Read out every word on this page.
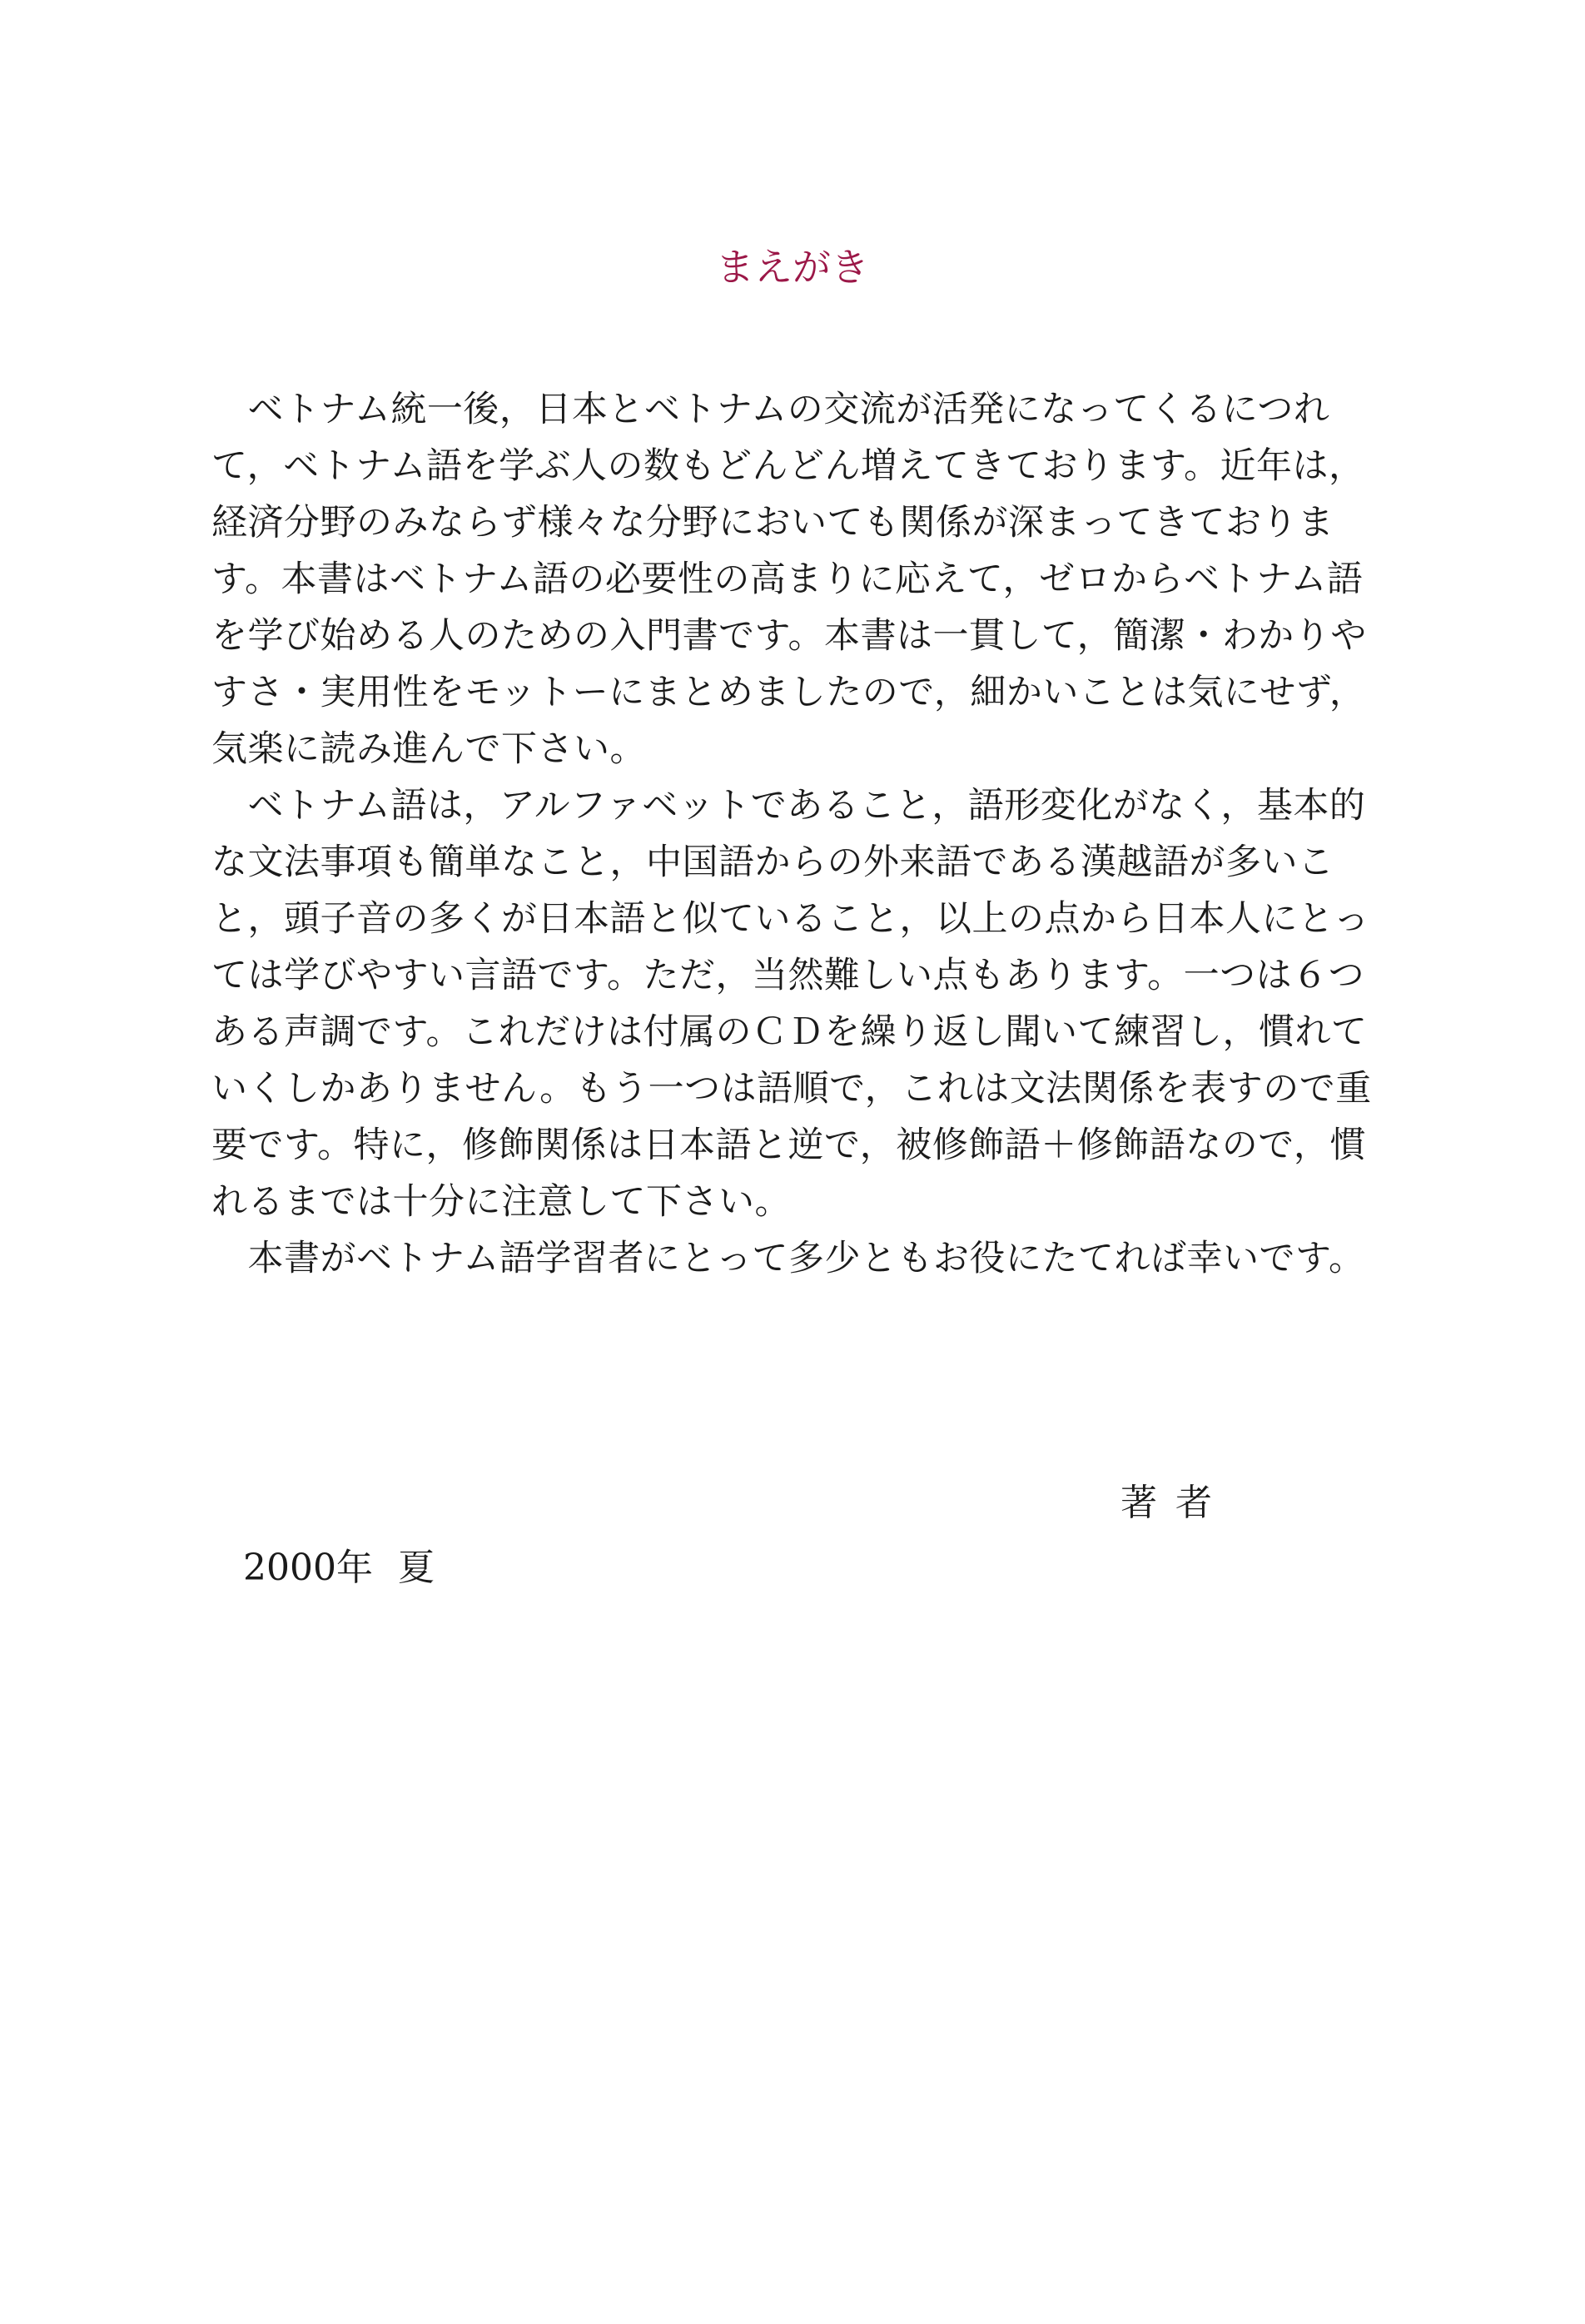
まえがき
　ベトナム統一後，日本とベトナムの交流が活発になってくるにつれ
て，ベトナム語を学ぶ人の数もどんどん増えてきております。近年は，
経済分野のみならず様々な分野においても関係が深まってきておりま
す。本書はベトナム語の必要性の高まりに応えて，ゼロからベトナム語
を学び始める人のための入門書です。本書は一貫して，簡潔・わかりや
すさ・実用性をモットーにまとめましたので，細かいことは気にせず，
気楽に読み進んで下さい。
　ベトナム語は，アルファベットであること，語形変化がなく，基本的
な文法事項も簡単なこと，中国語からの外来語である漢越語が多いこ
と，頭子音の多くが日本語と似ていること，以上の点から日本人にとっ
ては学びやすい言語です。ただ，当然難しい点もあります。一つは６つ
ある声調です。これだけは付属のＣＤを繰り返し聞いて練習し，慣れて
いくしかありません。もう一つは語順で，これは文法関係を表すので重
要です。特に，修飾関係は日本語と逆で，被修飾語＋修飾語なので，慣
れるまでは十分に注意して下さい。
　本書がベトナム語学習者にとって多少ともお役にたてれば幸いです。
著者
2000年 夏
